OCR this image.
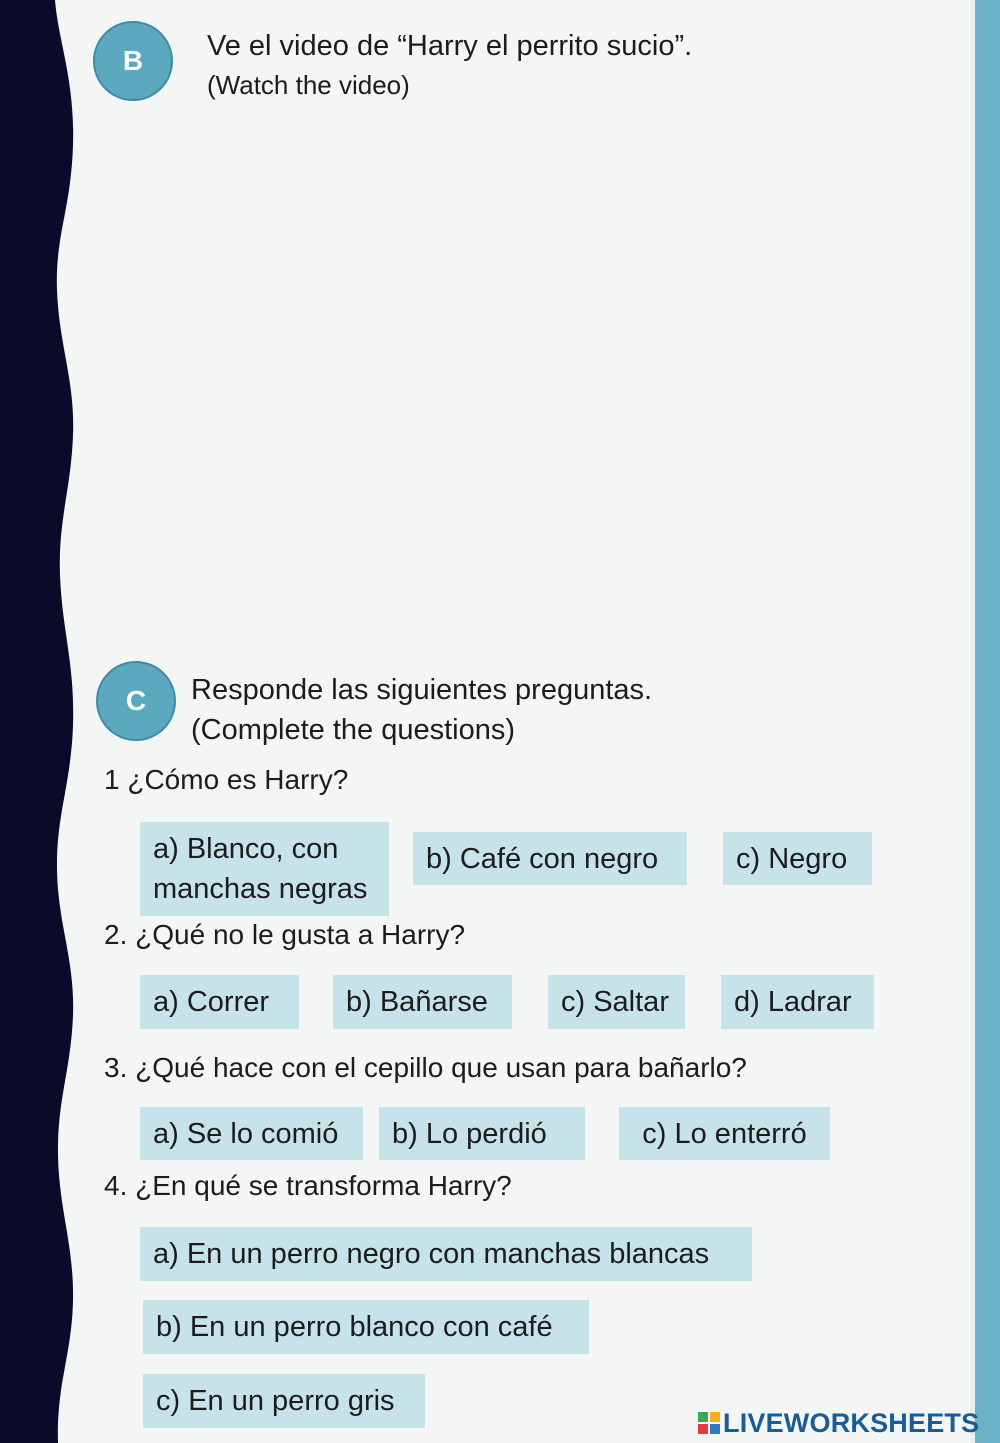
B	Ve el video de “Harry el perrito sucio”.
(Watch the video)
C	Responde las siguientes preguntas.
(Complete the questions)
1 ¿Cómo es Harry?
a) Blanco, con
manchas negras
b) Café con negro	c) Negro
2. ¿Qué no le gusta a Harry?
a) Correr	b) Bañarse	c) Saltar	d) Ladrar
3. ¿Qué hace con el cepillo que usan para bañarlo?
a) Se lo comió	b) Lo perdió	c) Lo enterró
4. ¿En qué se transforma Harry?
a) En un perro negro con manchas blancas
b) En un perro blanco con café
c) En un perro gris
LIVEWORKSHEETS
